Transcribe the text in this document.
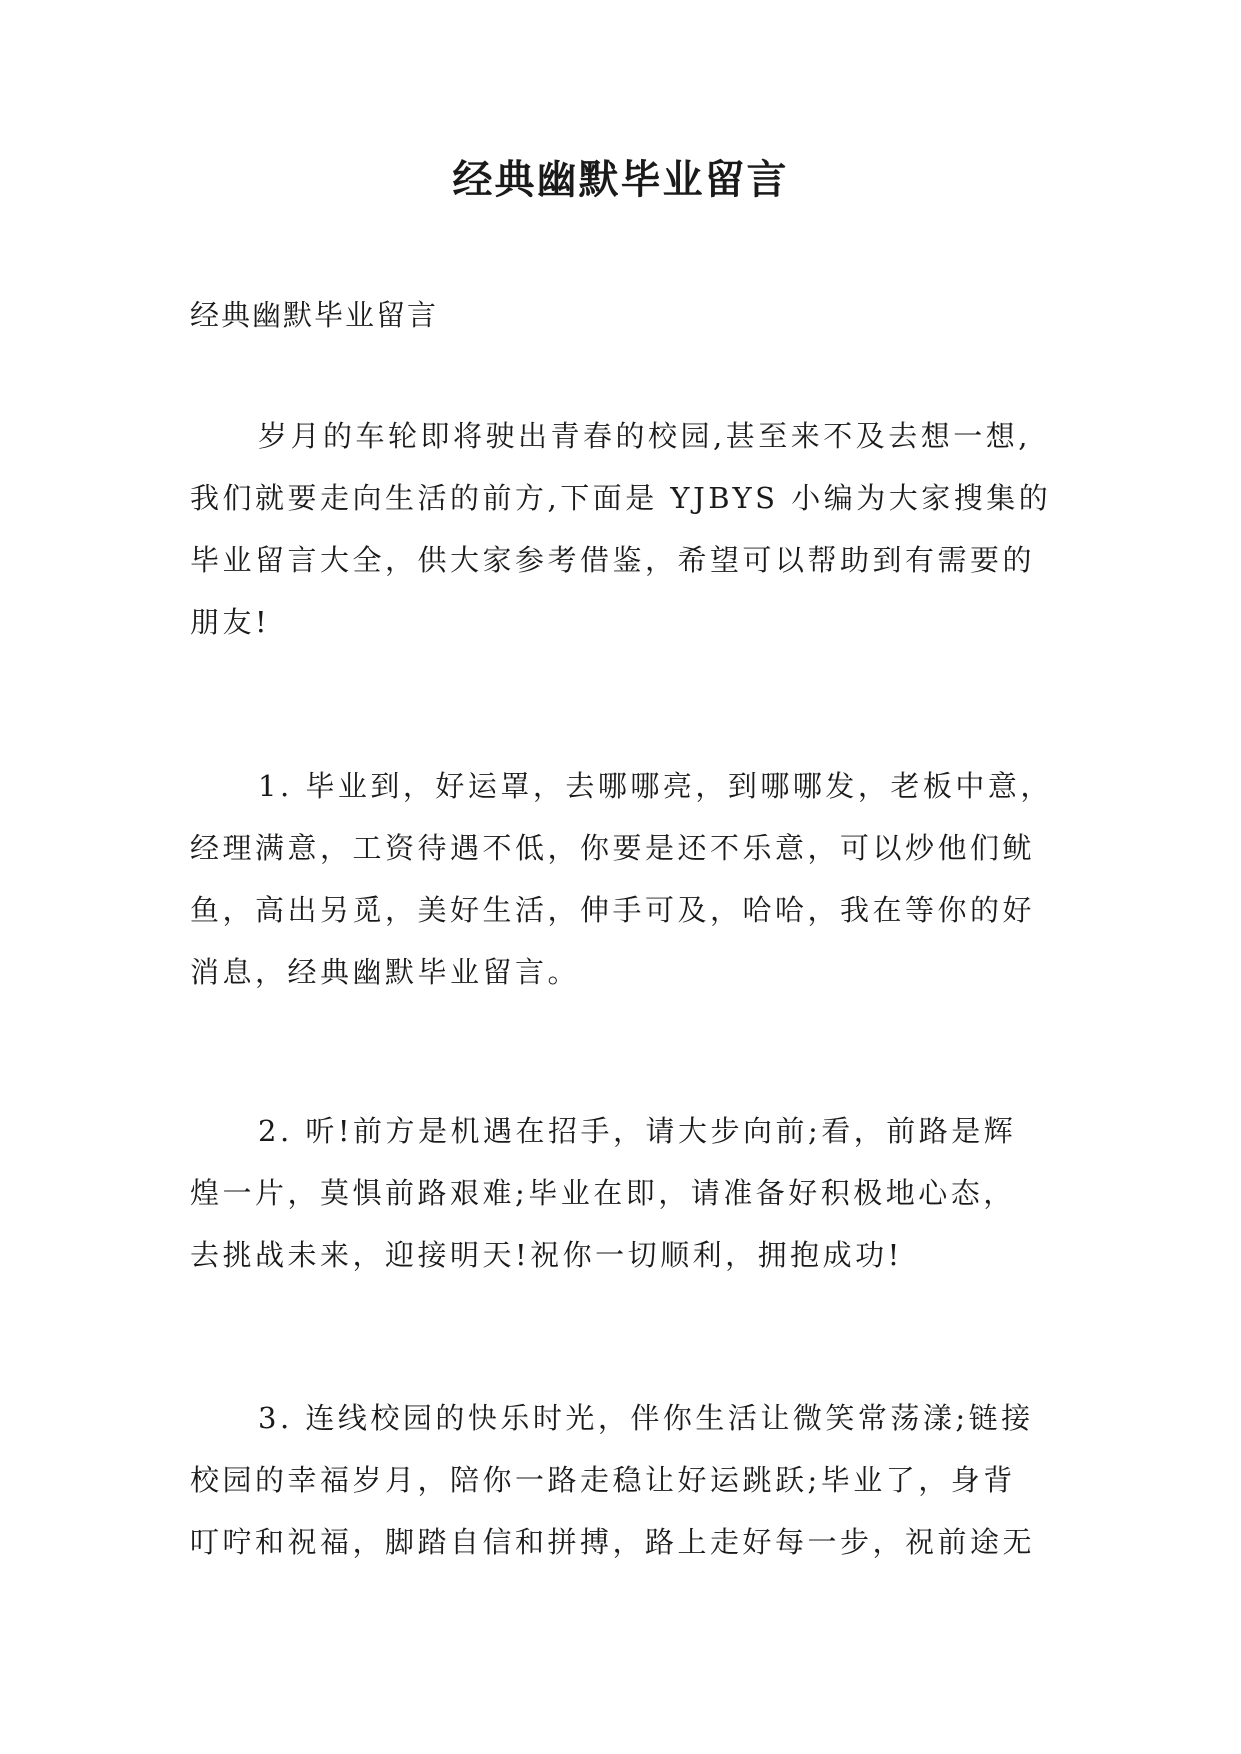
经典幽默毕业留言
经典幽默毕业留言
岁月的车轮即将驶出青春的校园,甚至来不及去想一想,
我们就要走向生活的前方,下面是 YJBYS 小编为大家搜集的
毕业留言大全，供大家参考借鉴，希望可以帮助到有需要的
朋友!
1. 毕业到，好运罩，去哪哪亮，到哪哪发，老板中意，
经理满意，工资待遇不低，你要是还不乐意，可以炒他们鱿
鱼，高出另觅，美好生活，伸手可及，哈哈，我在等你的好
消息，经典幽默毕业留言。
2. 听!前方是机遇在招手，请大步向前;看，前路是辉
煌一片，莫惧前路艰难;毕业在即，请准备好积极地心态，
去挑战未来，迎接明天!祝你一切顺利，拥抱成功!
3. 连线校园的快乐时光，伴你生活让微笑常荡漾;链接
校园的幸福岁月，陪你一路走稳让好运跳跃;毕业了，身背
叮咛和祝福，脚踏自信和拼搏，路上走好每一步，祝前途无
